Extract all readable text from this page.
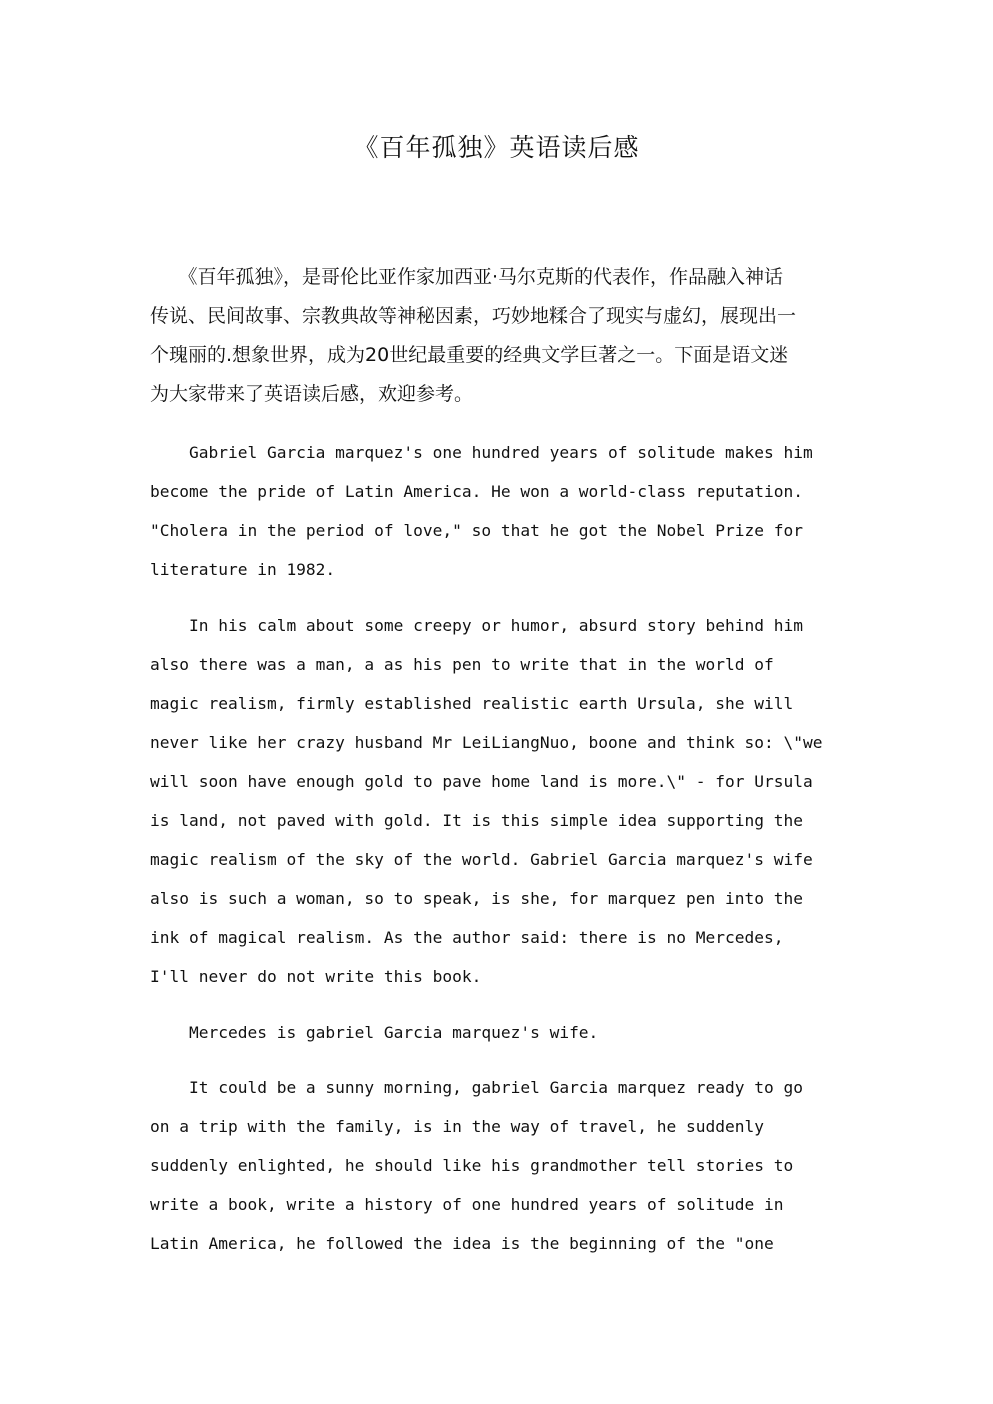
《百年孤独》英语读后感

　　《百年孤独》，是哥伦比亚作家加西亚·马尔克斯的代表作，作品融入神话
传说、民间故事、宗教典故等神秘因素，巧妙地糅合了现实与虚幻，展现出一
个瑰丽的.想象世界，成为20世纪最重要的经典文学巨著之一。下面是语文迷
为大家带来了英语读后感，欢迎参考。

Gabriel Garcia marquez's one hundred years of solitude makes him
become the pride of Latin America. He won a world-class reputation.
"Cholera in the period of love," so that he got the Nobel Prize for
literature in 1982.

In his calm about some creepy or humor, absurd story behind him
also there was a man, a as his pen to write that in the world of
magic realism, firmly established realistic earth Ursula, she will
never like her crazy husband Mr LeiLiangNuo, boone and think so: \"we
will soon have enough gold to pave home land is more.\" - for Ursula
is land, not paved with gold. It is this simple idea supporting the
magic realism of the sky of the world. Gabriel Garcia marquez's wife
also is such a woman, so to speak, is she, for marquez pen into the
ink of magical realism. As the author said: there is no Mercedes,
I'll never do not write this book.

Mercedes is gabriel Garcia marquez's wife.

It could be a sunny morning, gabriel Garcia marquez ready to go
on a trip with the family, is in the way of travel, he suddenly
suddenly enlighted, he should like his grandmother tell stories to
write a book, write a history of one hundred years of solitude in
Latin America, he followed the idea is the beginning of the "one
